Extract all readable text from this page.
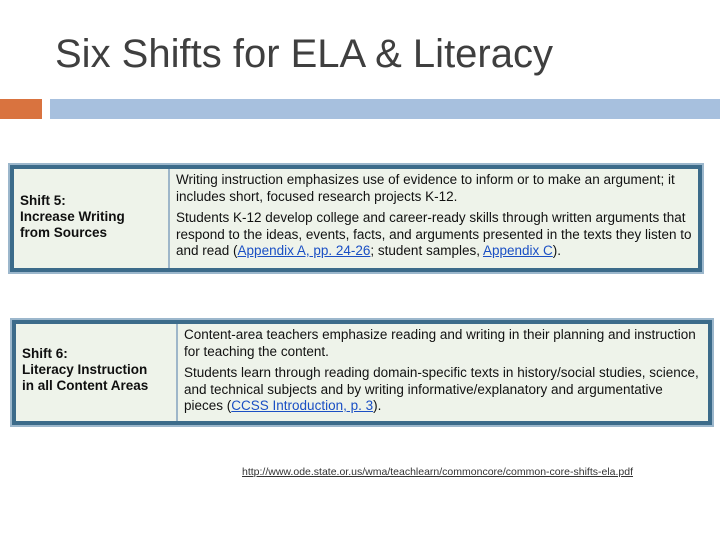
Six Shifts for ELA & Literacy
Shift 5:
Increase Writing
from Sources

Writing instruction emphasizes use of evidence to inform or to make an argument; it includes short, focused research projects K-12.

Students K-12 develop college and career-ready skills through written arguments that respond to the ideas, events, facts, and arguments presented in the texts they listen to and read (Appendix A, pp. 24-26; student samples, Appendix C).

Shift 6:
Literacy Instruction
in all Content Areas

Content-area teachers emphasize reading and writing in their planning and instruction for teaching the content.

Students learn through reading domain-specific texts in history/social studies, science, and technical subjects and by writing informative/explanatory and argumentative pieces (CCSS Introduction, p. 3).

http://www.ode.state.or.us/wma/teachlearn/commoncore/common-core-shifts-ela.pdf
